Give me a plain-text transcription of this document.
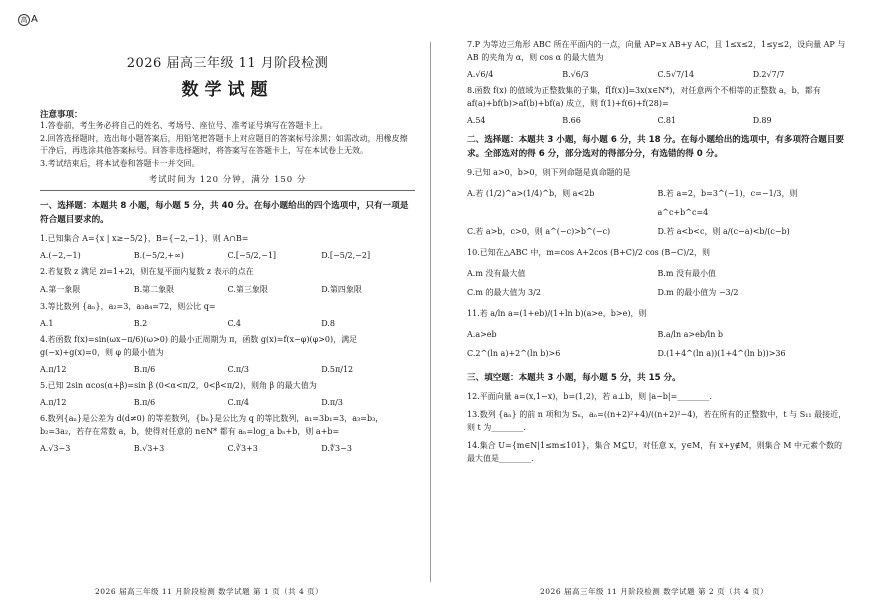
高 A
2026 届高三年级 11 月阶段检测
数学试题
注意事项：
1.答卷前，考生务必将自己的姓名、考场号、座位号、准考证号填写在答题卡上。
2.回答选择题时，选出每小题答案后，用铅笔把答题卡上对应题目的答案标号涂黑；如需改动，用橡皮擦干净后，再选涂其他答案标号。回答非选择题时，将答案写在答题卡上，写在本试卷上无效。
3.考试结束后，将本试卷和答题卡一并交回。
考试时间为 120 分钟，满分 150 分
一、选择题：本题共 8 小题，每小题 5 分，共 40 分。在每小题给出的四个选项中，只有一项是符合题目要求的。
1.已知集合 A={x | x≥−5/2}，B={−2,−1}，则 A∩B=
A.(−2,−1)	B.(−5/2,+∞)	C.[−5/2,−1]	D.[−5/2,−2]
2.若复数 z 满足 zi=1+2i，则在复平面内复数 z 表示的点在
A.第一象限	B.第二象限	C.第三象限	D.第四象限
3.等比数列 {aₙ}，a₂=3，a₃a₄=72，则公比 q=
A.1	B.2	C.4	D.8
4.若函数 f(x)=sin(ωx−π/6)(ω>0) 的最小正周期为 π，函数 g(x)=f(x−φ)(φ>0)，满足 g(−x)+g(x)=0，则 φ 的最小值为
A.π/12	B.π/6	C.π/3	D.5π/12
5.已知 2sin αcos(α+β)=sin β (0<α<π/2，0<β<π/2)，则角 β 的最大值为
A.π/12	B.π/6	C.π/4	D.π/3
6.数列{aₙ}是公差为 d(d≠0) 的等差数列，{bₙ}是公比为 q 的等比数列，a₁=3b₁=3，a₃=b₃，b₂=3a₂，若存在常数 a，b，使得对任意的 n∈N* 都有 aₙ=log_a bₙ+b，则 a+b=
A.√3−3	B.√3+3	C.∛3+3	D.∜3−3
7.P 为等边三角形 ABC 所在平面内的一点，向量 AP=x AB+y AC，且 1≤x≤2，1≤y≤2，设向量 AP 与 AB 的夹角为 α，则 cos α 的最大值为
A.√6/4	B.√6/3	C.5√7/14	D.2√7/7
8.函数 f(x) 的值域为正整数集的子集，f[f(x)]=3x(x∈N*)，对任意两个不相等的正整数 a，b，都有 af(a)+bf(b)>af(b)+bf(a) 成立，则 f(1)+f(6)+f(28)=
A.54	B.66	C.81	D.89
二、选择题：本题共 3 小题，每小题 6 分，共 18 分。在每小题给出的选项中，有多项符合题目要求。全部选对的得 6 分，部分选对的得部分分，有选错的得 0 分。
9.已知 a>0，b>0，则下列命题是真命题的是
A.若 (1/2)^a>(1/4)^b，则 a<2b	B.若 a=2，b=3^(−1)，c=−1/3，则 a^c+b^c=4
C.若 a>b，c>0，则 a^(−c)>b^(−c)	D.若 a<b<c，则 a/(c−a)<b/(c−b)
10.已知在△ABC 中，m=cos A+2cos (B+C)/2 cos (B−C)/2，则
A.m 没有最大值	B.m 没有最小值
C.m 的最大值为 3/2	D.m 的最小值为 −3/2
11.若 a/ln a=(1+eb)/(1+ln b)(a>e，b>e)，则
A.a>eb	B.a/ln a>eb/ln b
C.2^(ln a)+2^(ln b)>6	D.(1+4^(ln a))(1+4^(ln b))>36
三、填空题：本题共 3 小题，每小题 5 分，共 15 分。
12.平面向量 a=(x,1−x)，b=(1,2)，若 a⊥b，则 |a−b|=________.
13.数列 {aₙ} 的前 n 项和为 Sₙ，aₙ=((n+2)²+4)/((n+2)²−4)，若在所有的正整数中，t 与 S₁₁ 最接近，则 t 为________.
14.集合 U={m∈N|1≤m≤101}，集合 M⊆U，对任意 x，y∈M，有 x+y∉M，则集合 M 中元素个数的最大值是________.
2026 届高三年级 11 月阶段检测 数学试题 第 1 页（共 4 页）	2026 届高三年级 11 月阶段检测 数学试题 第 2 页（共 4 页）
